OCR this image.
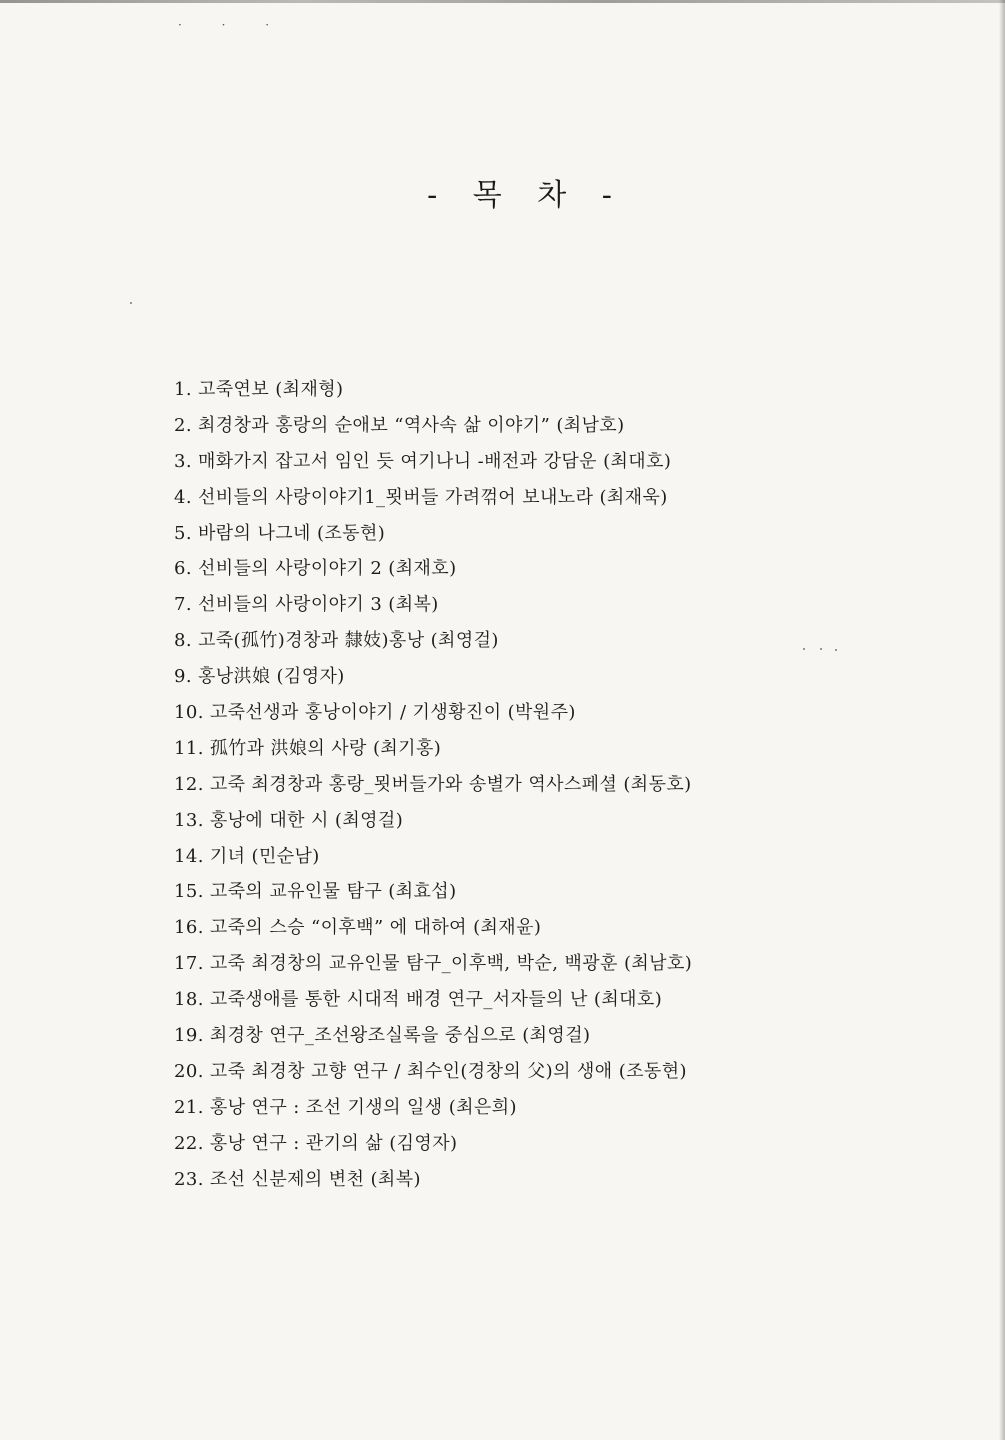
· · ·
- 목 차 -
1. 고죽연보 (최재형)
2. 최경창과 홍랑의 순애보 “역사속 삶 이야기” (최남호)
3. 매화가지 잡고서 임인 듯 여기나니 -배전과 강담운 (최대호)
4. 선비들의 사랑이야기1_묏버들 가려꺾어 보내노라 (최재욱)
5. 바람의 나그네 (조동현)
6. 선비들의 사랑이야기 2 (최재호)
7. 선비들의 사랑이야기 3 (최복)
8. 고죽(孤竹)경창과 隸妓)홍낭 (최영걸)
9. 홍낭洪娘 (김영자)
10. 고죽선생과 홍낭이야기 / 기생황진이 (박원주)
11. 孤竹과 洪娘의 사랑 (최기홍)
12. 고죽 최경창과 홍랑_묏버들가와 송별가 역사스페셜 (최동호)
13. 홍낭에 대한 시 (최영걸)
14. 기녀 (민순남)
15. 고죽의 교유인물 탐구 (최효섭)
16. 고죽의 스승 “이후백” 에 대하여 (최재윤)
17. 고죽 최경창의 교유인물 탐구_이후백, 박순, 백광훈 (최남호)
18. 고죽생애를 통한 시대적 배경 연구_서자들의 난 (최대호)
19. 최경창 연구_조선왕조실록을 중심으로 (최영걸)
20. 고죽 최경창 고향 연구 / 최수인(경창의 父)의 생애 (조동현)
21. 홍낭 연구 : 조선 기생의 일생 (최은희)
22. 홍낭 연구 : 관기의 삶 (김영자)
23. 조선 신분제의 변천 (최복)
